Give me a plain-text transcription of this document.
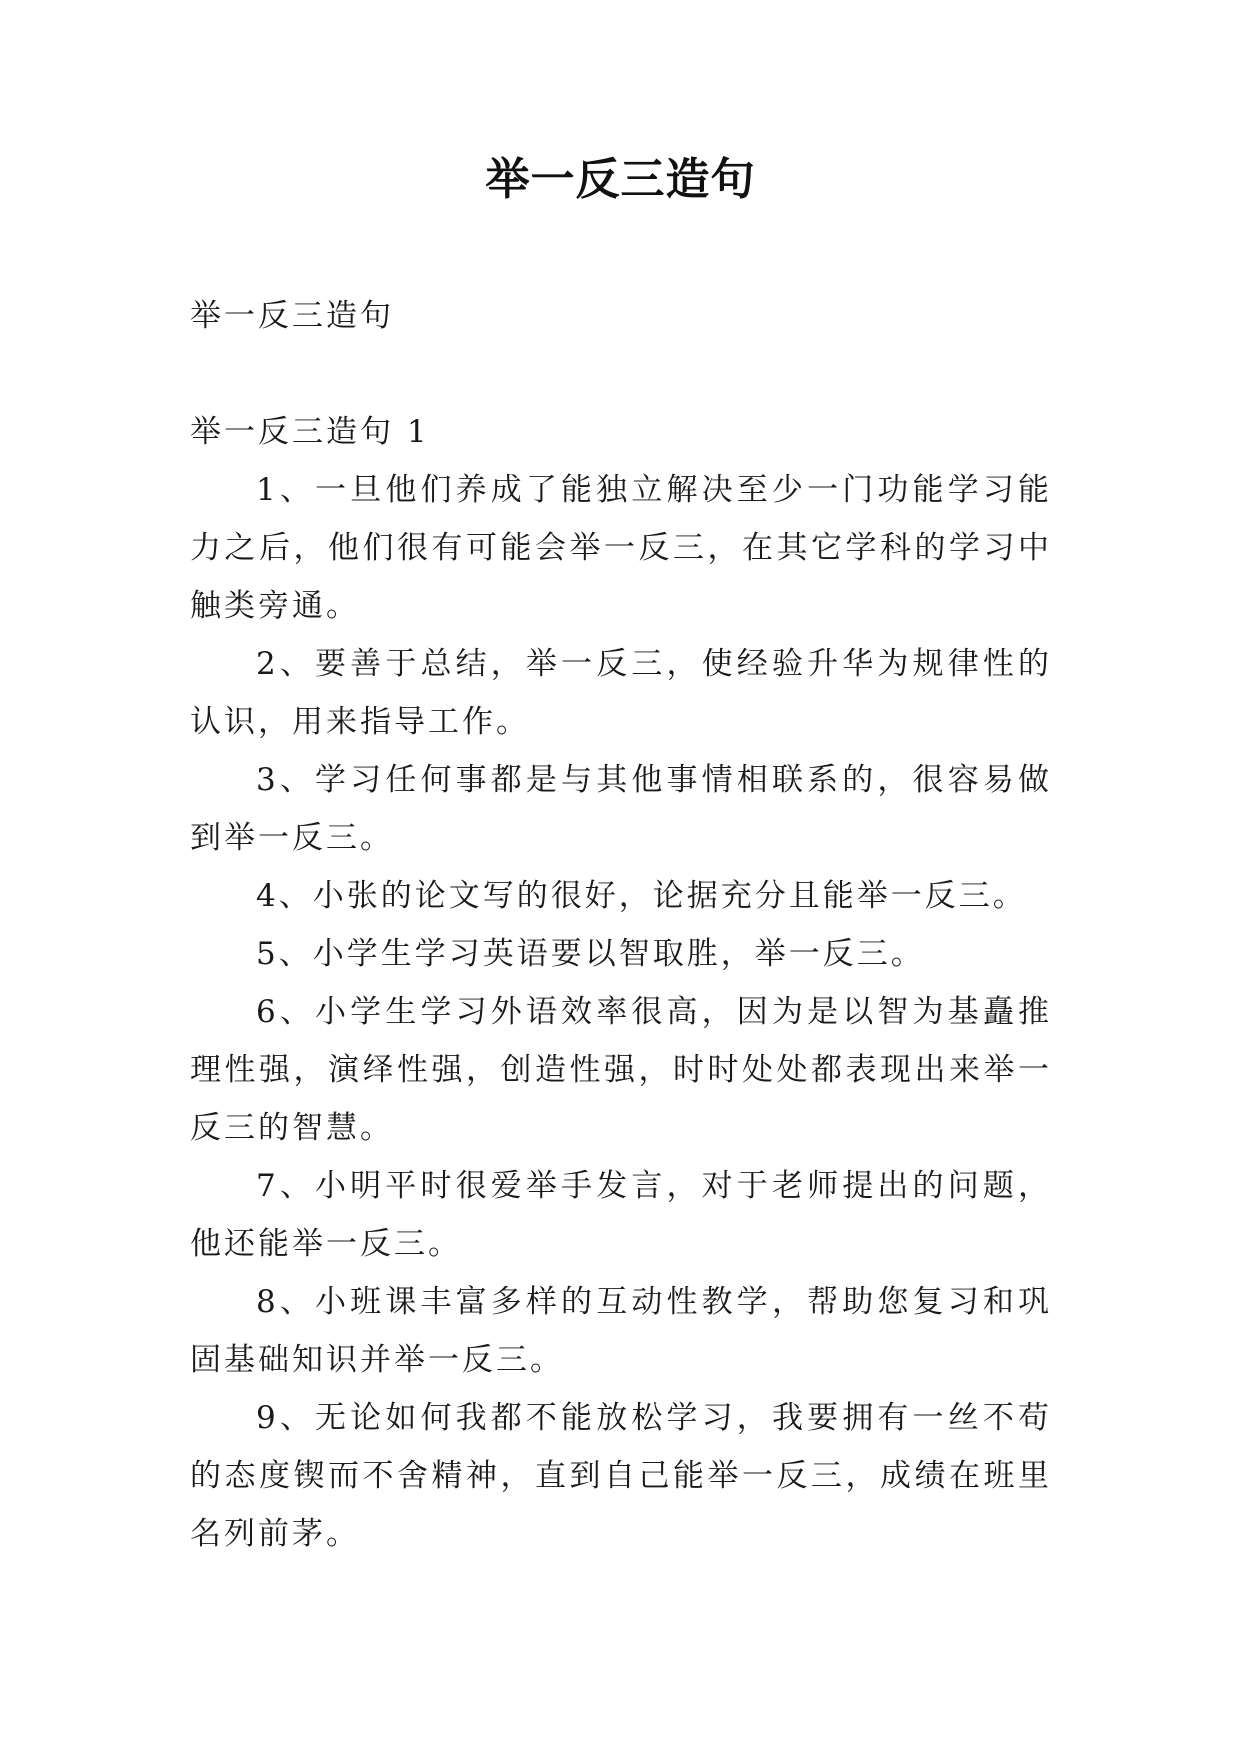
举一反三造句

举一反三造句

举一反三造句 1

1、一旦他们养成了能独立解决至少一门功能学习能力之后，他们很有可能会举一反三，在其它学科的学习中触类旁通。

2、要善于总结，举一反三，使经验升华为规律性的认识，用来指导工作。

3、学习任何事都是与其他事情相联系的，很容易做到举一反三。

4、小张的论文写的很好，论据充分且能举一反三。

5、小学生学习英语要以智取胜，举一反三。

6、小学生学习外语效率很高，因为是以智为基矗推理性强，演绎性强，创造性强，时时处处都表现出来举一反三的智慧。

7、小明平时很爱举手发言，对于老师提出的问题，他还能举一反三。

8、小班课丰富多样的互动性教学，帮助您复习和巩固基础知识并举一反三。

9、无论如何我都不能放松学习，我要拥有一丝不苟的态度锲而不舍精神，直到自己能举一反三，成绩在班里名列前茅。
